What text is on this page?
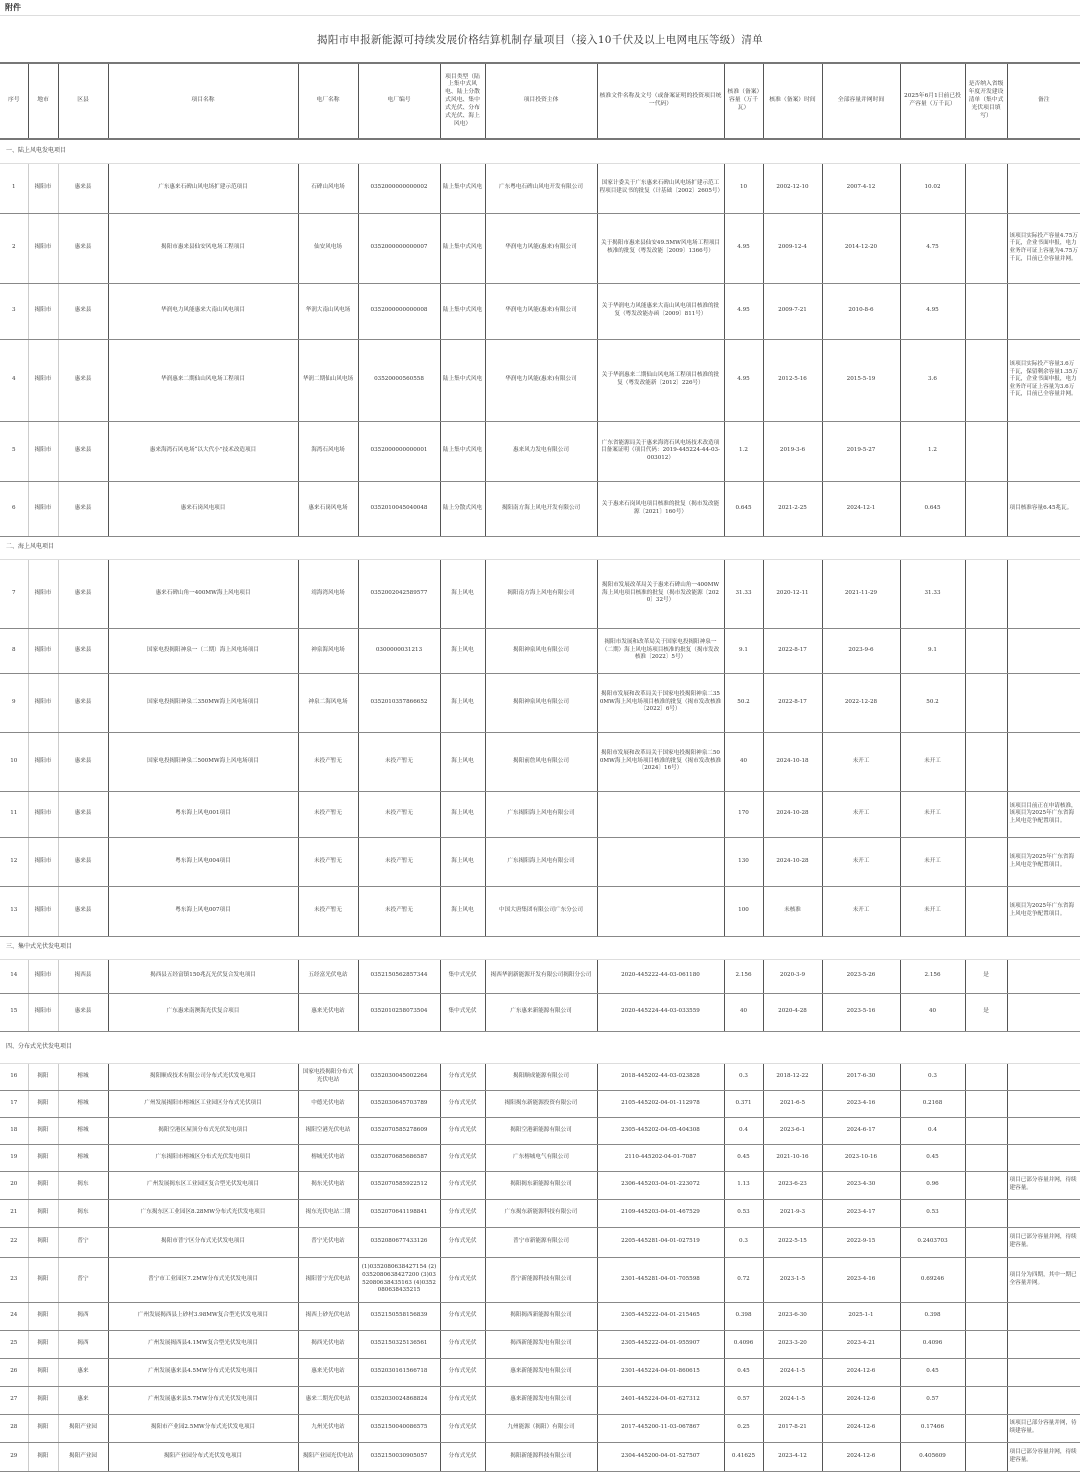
附件
揭阳市申报新能源可持续发展价格结算机制存量项目（接入10千伏及以上电网电压等级）清单
序号	地市	区县	项目名称	电厂名称	电厂编号	项目类型（陆上集中式风电、陆上分散式风电、集中式光伏、分布式光伏、海上风电）	项目投资主体	核准文件名称及文号（或备案证明的投资项目统一代码）	核准（备案）容量（万千瓦）	核准（备案）时间	全部容量并网时间	2025年6月1日前已投产容量（万千瓦）	是否纳入省级年度开发建设清单（集中式光伏项目填写）	备注
一、陆上风电发电项目														
1	揭阳市	惠来县	广东惠来石碑山风电场扩建示范项目	石碑山风电场	0352000000000002	陆上集中式风电	广东粤电石碑山风电开发有限公司	国家计委关于广东惠来石碑山风电场扩建示范工程项目建议书的批复（计基础〔2002〕2605号）	10	2002-12-10	2007-4-12	10.02		
2	揭阳市	惠来县	揭阳市惠来县仙安风电场工程项目	仙安风电场	0352000000000007	陆上集中式风电	华润电力风能(惠来)有限公司	关于揭阳市惠来县仙安49.5MW风电场工程项目核准的批复（粤发改能〔2009〕1366号）	4.95	2009-12-4	2014-12-20	4.75		该项目实际投产容量4.75万千瓦，企业书面申报，电力业务许可证上容量为4.75万千瓦，目前已全容量并网。
3	揭阳市	惠来县	华润电力风能惠来大南山风电项目	华润大南山风电场	0352000000000008	陆上集中式风电	华润电力风能(惠来)有限公司	关于华润电力风能惠来大南山风电项目核准的批复（粤发改能办函〔2009〕811号）	4.95	2009-7-21	2010-8-6	4.95		
4	揭阳市	惠来县	华润惠来二期仙山风电场工程项目	华润二期仙山风电场	03520000560558	陆上集中式风电	华润电力风能(惠来)有限公司	关于华润惠来二期仙山风电场工程项目核准的批复（粤发改能新〔2012〕226号）	4.95	2012-5-16	2015-5-19	3.6		该项目实际投产容量3.6万千瓦，保留剩余容量1.35万千瓦，企业书面申报，电力业务许可证上容量为3.6万千瓦，目前已全容量并网。
5	揭阳市	惠来县	惠来海湾石风电场“以大代小”技术改造项目	海湾石风电场	0352000000000001	陆上集中式风电	惠来风力发电有限公司	广东省能源局关于惠来海湾石风电场技术改造项目备案证明（项目代码：2019-445224-44-03-003012）	1.2	2019-3-6	2019-5-27	1.2		
6	揭阳市	惠来县	惠来石岗风电项目	惠来石岗风电场	0352010045040048	陆上分散式风电	揭阳南方海上风电开发有限公司	关于惠来石岗风电项目核准的批复（揭市发改能源〔2021〕160号）	0.645	2021-2-25	2024-12-1	0.645		项目核准容量6.45兆瓦。
二、海上风电项目														
7	揭阳市	惠来县	惠来石碑山角一400MW海上风电项目	靖海湾风电场	0352002042589577	海上风电	揭阳南方海上风电有限公司	揭阳市发展改革局关于惠来石碑山角一400MW海上风电项目核准的批复（揭市发改能源〔2020〕32号）	31.33	2020-12-11	2021-11-29	31.33		
8	揭阳市	惠来县	国家电投揭阳神泉一（二期）海上风电场项目	神泉海风电场	0300000031213	海上风电	揭阳神泉风电有限公司	揭阳市发展和改革局关于国家电投揭阳神泉一（二期）海上风电场项目核准的批复（揭市发改核准〔2022〕5号）	9.1	2022-8-17	2023-9-6	9.1		
9	揭阳市	惠来县	国家电投揭阳神泉二350MW海上风电场项目	神泉二海风电场	0352010357866652	海上风电	揭阳神泉风电有限公司	揭阳市发展和改革局关于国家电投揭阳神泉二350MW海上风电场项目核准的批复（揭市发改核准〔2022〕6号）	50.2	2022-8-17	2022-12-28	50.2		
10	揭阳市	惠来县	国家电投揭阳神泉二500MW海上风电场项目	未投产暂无	未投产暂无	海上风电	揭阳前詹风电有限公司	揭阳市发展和改革局关于国家电投揭阳神泉二500MW海上风电场项目核准的批复（揭市发改核准〔2024〕16号）	40	2024-10-18	未开工	未开工		
11	揭阳市	惠来县	粤东海上风电001项目	未投产暂无	未投产暂无	海上风电	广东揭阳海上风电有限公司		170	2024-10-28	未开工	未开工		该项目目前正在申请核准，该项目为2025年广东省海上风电竞争配置项目。
12	揭阳市	惠来县	粤东海上风电004项目	未投产暂无	未投产暂无	海上风电	广东揭阳海上风电有限公司		130	2024-10-28	未开工	未开工		该项目为2025年广东省海上风电竞争配置项目。
13	揭阳市	惠来县	粤东海上风电007项目	未投产暂无	未投产暂无	海上风电	中国大唐集团有限公司广东分公司		100	未核准	未开工	未开工		该项目为2025年广东省海上风电竞争配置项目。
三、集中式光伏发电项目														
14	揭阳市	揭西县	揭西县五经富镇150兆瓦光伏复合发电项目	五经富光伏电站	0352150562857344	集中式光伏	揭西华润新能源开发有限公司揭阳分公司	2020-445222-44-03-061180	2.156	2020-3-9	2023-5-26	2.156	是	
15	揭阳市	惠来县	广东惠来南澳海光伏复合项目	惠来光伏电站	0352010258073504	集中式光伏	广东惠来新能源有限公司	2020-445224-44-03-033559	40	2020-4-28	2023-5-16	40	是	
四、分布式光伏发电项目														
16	揭阳	榕城	揭阳顺成技术有限公司分布式光伏发电项目	国家电投揭阳分布式光伏电站	0352030045002264	分布式光伏	揭阳顺成能源有限公司	2018-445202-44-03-023828	0.3	2018-12-22	2017-6-30	0.3		
17	揭阳	榕城	广州发展揭阳市榕城区工业园区分布式光伏项目	中德光伏电站	0352030645703789	分布式光伏	揭阳揭东新能源投资有限公司	2105-445202-04-01-112978	0.371	2021-6-5	2023-4-16	0.2168		
18	揭阳	榕城	揭阳空港区屋顶分布式光伏发电项目	揭阳空港光伏电站	0352070585278609	分布式光伏	揭阳空港新能源有限公司	2305-445202-04-05-404308	0.4	2023-6-1	2024-6-17	0.4		
19	揭阳	榕城	广东揭阳市榕城区分布式光伏发电项目	榕城光伏电站	0352070685686587	分布式光伏	广东榕城电气有限公司	2110-445202-04-01-7087	0.45	2021-10-16	2023-10-16	0.45		
20	揭阳	揭东	广州发展揭东区工业园区复合型光伏发电项目	揭东光伏电站	0352070585922512	分布式光伏	揭阳揭东新能源有限公司	2306-445203-04-01-223072	1.13	2023-6-23	2023-4-30	0.96		项目已部分容量并网，待续建容量。
21	揭阳	揭东	广东揭东区工业园区8.28MW分布式光伏发电项目	揭东光伏电站二期	0352070641198841	分布式光伏	广东揭东新能源科技有限公司	2109-445203-04-01-467529	0.53	2021-9-3	2023-4-17	0.53		
22	揭阳	普宁	揭阳市普宁区分布式光伏发电项目	普宁光伏电站	0352080677433126	分布式光伏	普宁市新能源有限公司	2205-445281-04-01-027519	0.3	2022-5-15	2022-9-15	0.2403703		项目已部分容量并网，待续建容量。
23	揭阳	普宁	普宁市工业园区7.2MW分布式光伏发电项目	揭阳普宁光伏电站	(1)0352080638427154 (2)0352080638427200 (3)0352080638435163 (4)0352080638435215	分布式光伏	普宁新能源科技有限公司	2301-445281-04-01-705598	0.72	2023-1-5	2023-4-16	0.69246		项目分为四期，其中一期已全容量并网。
24	揭阳	揭西	广州发展揭西县上砂村3.98MW复合型光伏发电项目	揭西上砂光伏电站	0352150558156839	分布式光伏	揭阳揭西新能源有限公司	2305-445222-04-01-215465	0.398	2023-6-30	2025-1-1	0.398		
25	揭阳	揭西	广州发展揭西县4.1MW复合型光伏发电项目	揭西光伏电站	0352150325136561	分布式光伏	揭西新能源发电有限公司	2305-445222-04-01-955907	0.4096	2023-3-20	2023-4-21	0.4096		
26	揭阳	惠来	广州发展惠来县4.5MW分布式光伏发电项目	惠来光伏电站	0352030161566718	分布式光伏	惠来新能源发电有限公司	2301-445224-04-01-860615	0.45	2024-1-5	2024-12-6	0.45		
27	揭阳	惠来	广州发展惠来县5.7MW分布式光伏发电项目	惠来二期光伏电站	0352030024868824	分布式光伏	惠来新能源发电有限公司	2401-445224-04-01-627312	0.57	2024-1-5	2024-12-6	0.57		
28	揭阳	揭阳产业园	揭阳市产业园2.5MW分布式光伏发电项目	九州光伏电站	0352150040086575	分布式光伏	九州能源（揭阳）有限公司	2017-445200-11-03-067867	0.25	2017-8-21	2024-12-6	0.17466		该项目已部分容量并网，待续建容量。
29	揭阳	揭阳产业园	揭阳产业园分布式光伏发电项目	揭阳产业园光伏电站	0352150030905057	分布式光伏	揭阳新能源科技有限公司	2304-445200-04-01-527507	0.41625	2023-4-12	2024-12-6	0.405609		项目已部分容量并网，待续建容量。
